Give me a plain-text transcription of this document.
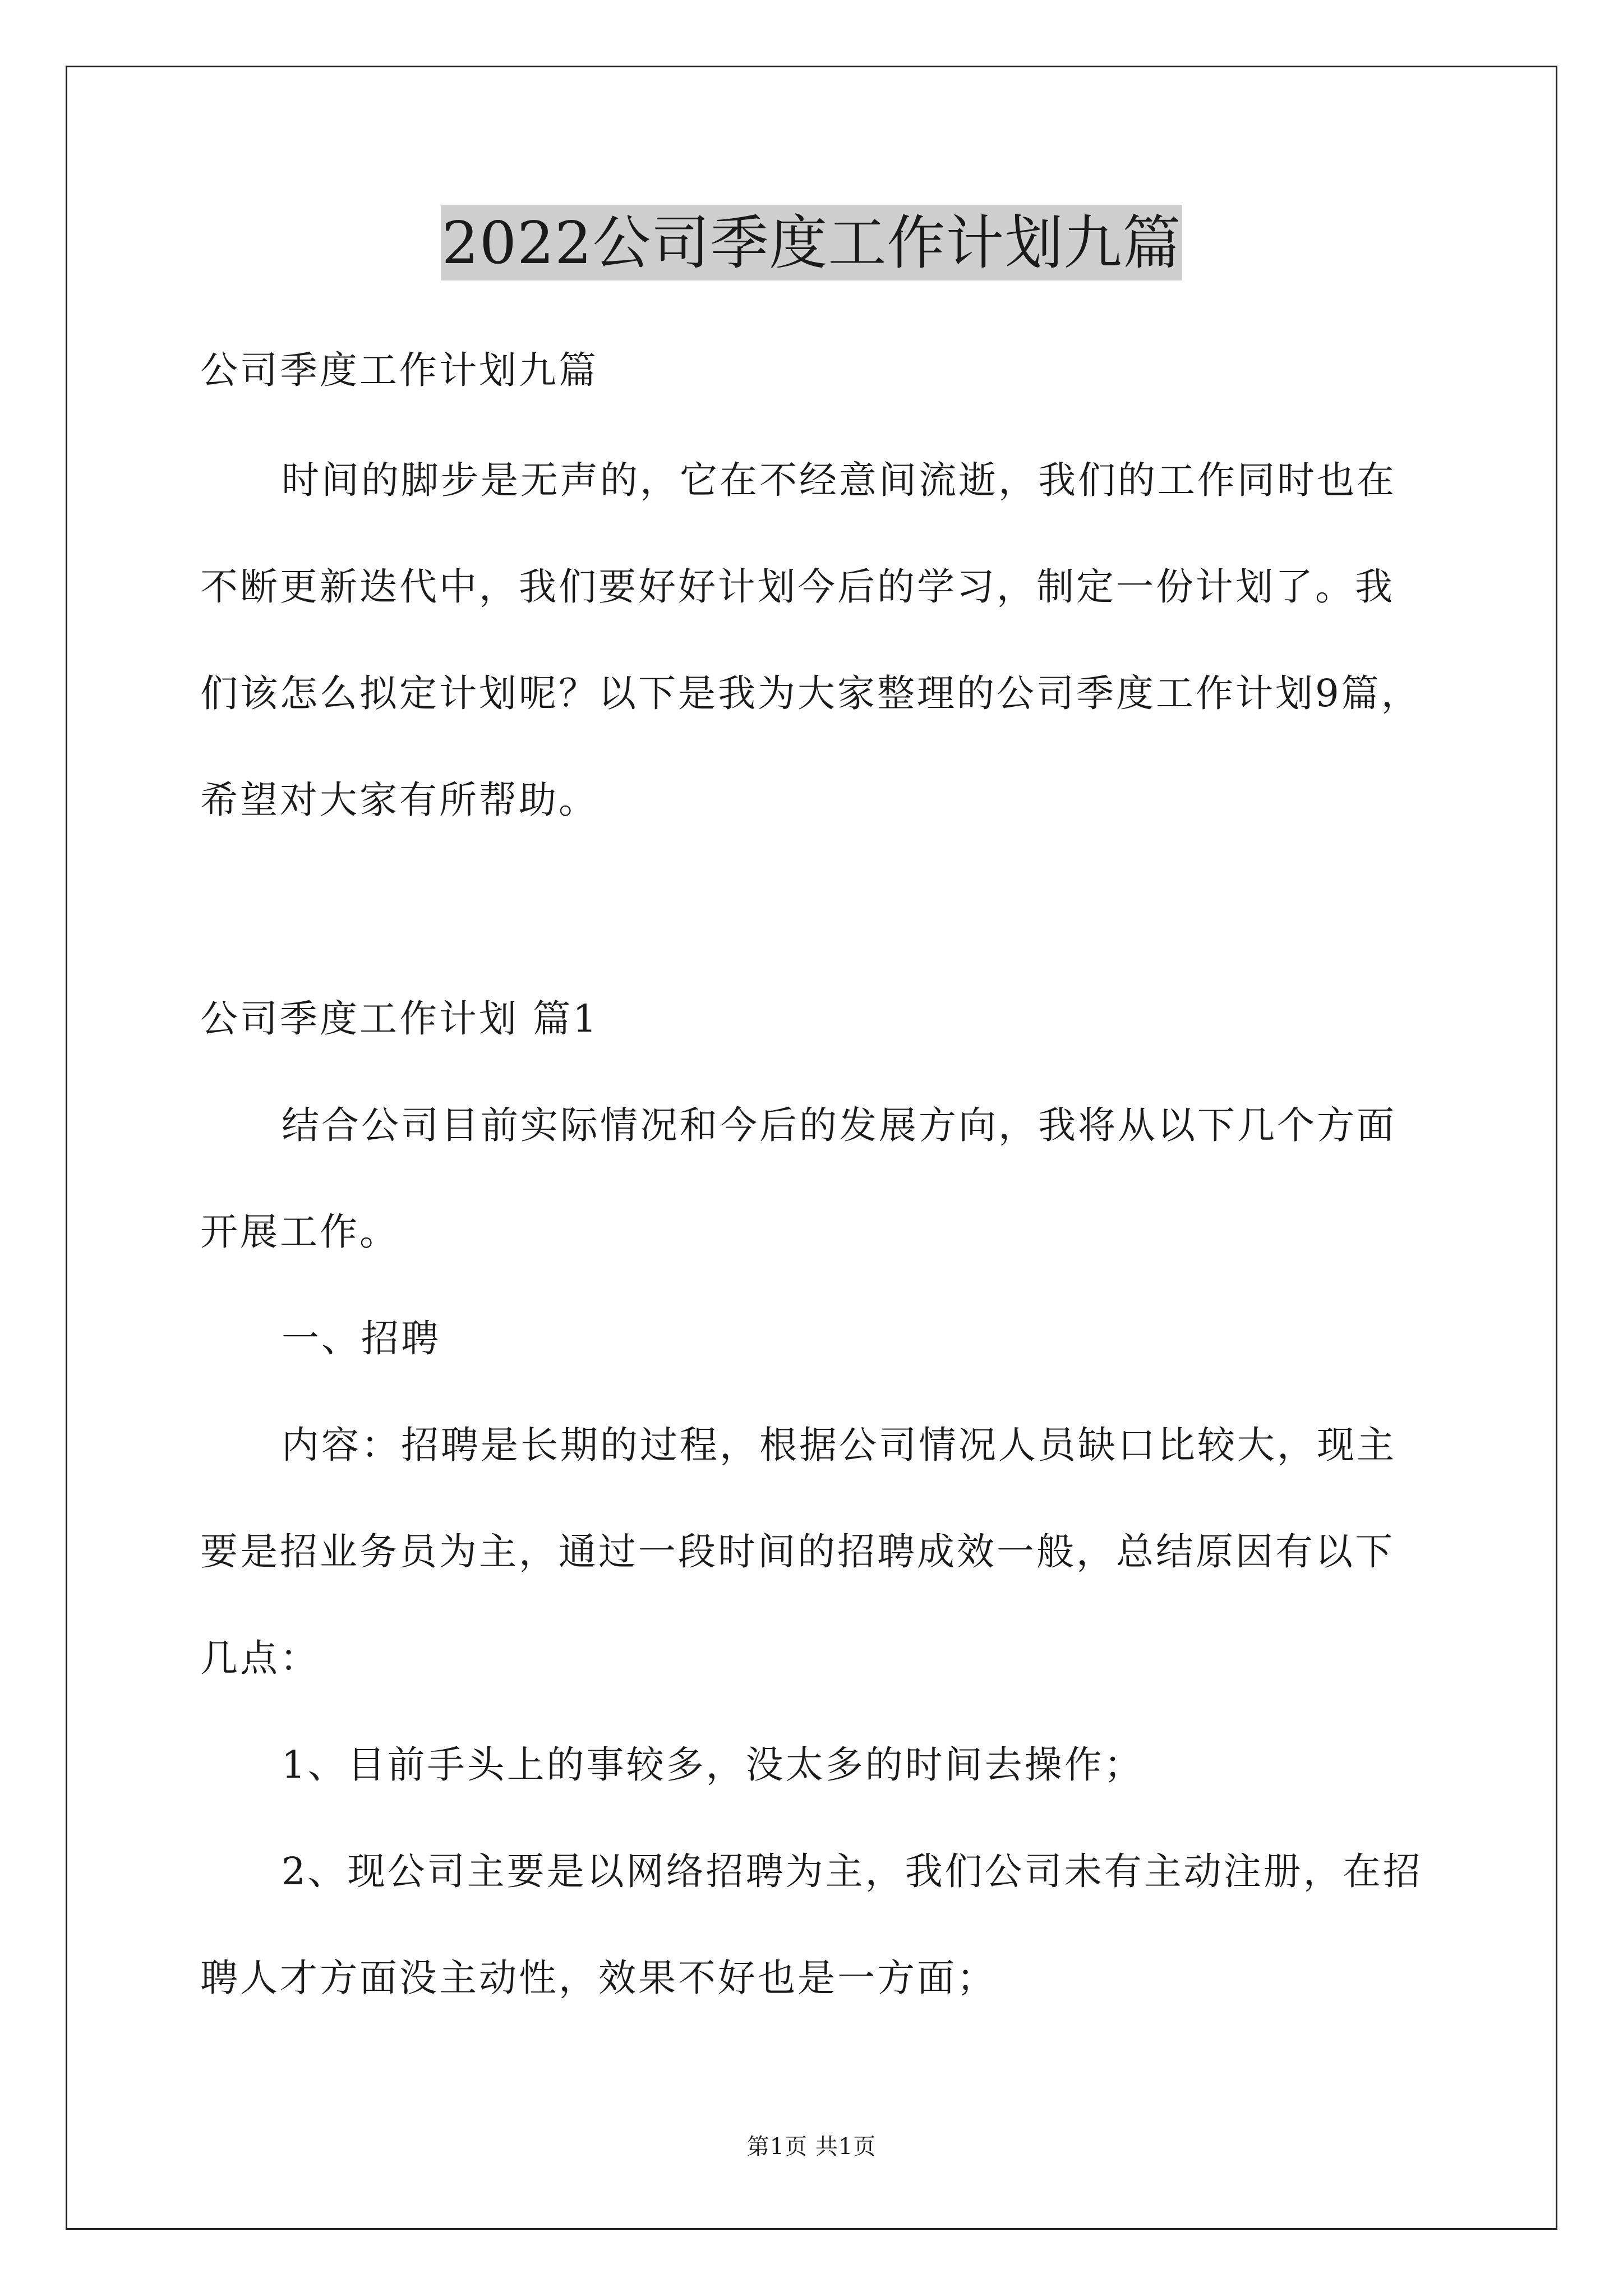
2022公司季度工作计划九篇
公司季度工作计划九篇
时间的脚步是无声的，它在不经意间流逝，我们的工作同时也在
不断更新迭代中，我们要好好计划今后的学习，制定一份计划了。我
们该怎么拟定计划呢？以下是我为大家整理的公司季度工作计划9篇，
希望对大家有所帮助。
公司季度工作计划 篇1
结合公司目前实际情况和今后的发展方向，我将从以下几个方面
开展工作。
一、招聘
内容：招聘是长期的过程，根据公司情况人员缺口比较大，现主
要是招业务员为主，通过一段时间的招聘成效一般，总结原因有以下
几点：
1、目前手头上的事较多，没太多的时间去操作；
2、现公司主要是以网络招聘为主，我们公司未有主动注册，在招
聘人才方面没主动性，效果不好也是一方面；
第1页 共1页
